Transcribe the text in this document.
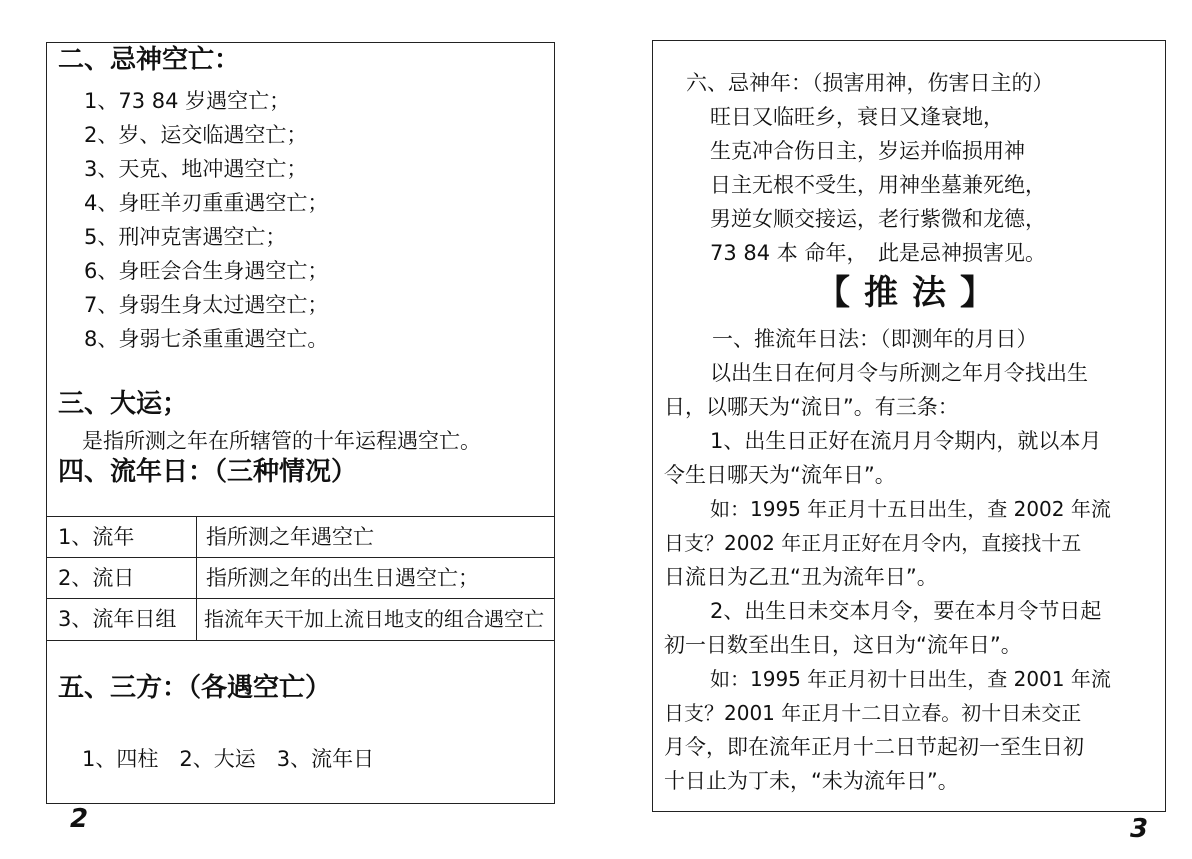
二、忌神空亡：
1、73 84 岁遇空亡；
2、岁、运交临遇空亡；
3、天克、地冲遇空亡；
4、身旺羊刃重重遇空亡；
5、刑冲克害遇空亡；
6、身旺会合生身遇空亡；
7、身弱生身太过遇空亡；
8、身弱七杀重重遇空亡。
三、大运；
是指所测之年在所辖管的十年运程遇空亡。
四、流年日：（三种情况）
1、流年	指所测之年遇空亡
2、流日	指所测之年的出生日遇空亡；
3、流年日组 指流年天干加上流日地支的组合遇空亡
五、三方：（各遇空亡）
1、四柱　2、大运　3、流年日
2
六、忌神年：（损害用神，伤害日主的）
旺日又临旺乡，衰日又逢衰地，
生克冲合伤日主，岁运并临损用神
日主无根不受生，用神坐墓兼死绝，
男逆女顺交接运，老行紫微和龙德，
73 84 本 命年，　此是忌神损害见。
【推法】
一、推流年日法：（即测年的月日）
以出生日在何月令与所测之年月令找出生
日，以哪天为“流日”。有三条：
1、出生日正好在流月月令期内，就以本月
令生日哪天为“流年日”。
如：1995 年正月十五日出生，查 2002 年流
日支？2002 年正月正好在月令内，直接找十五
日流日为乙丑“丑为流年日”。
2、出生日未交本月令，要在本月令节日起
初一日数至出生日，这日为“流年日”。
如：1995 年正月初十日出生，查 2001 年流
日支？2001 年正月十二日立春。初十日未交正
月令，即在流年正月十二日节起初一至生日初
十日止为丁未，“未为流年日”。
3
